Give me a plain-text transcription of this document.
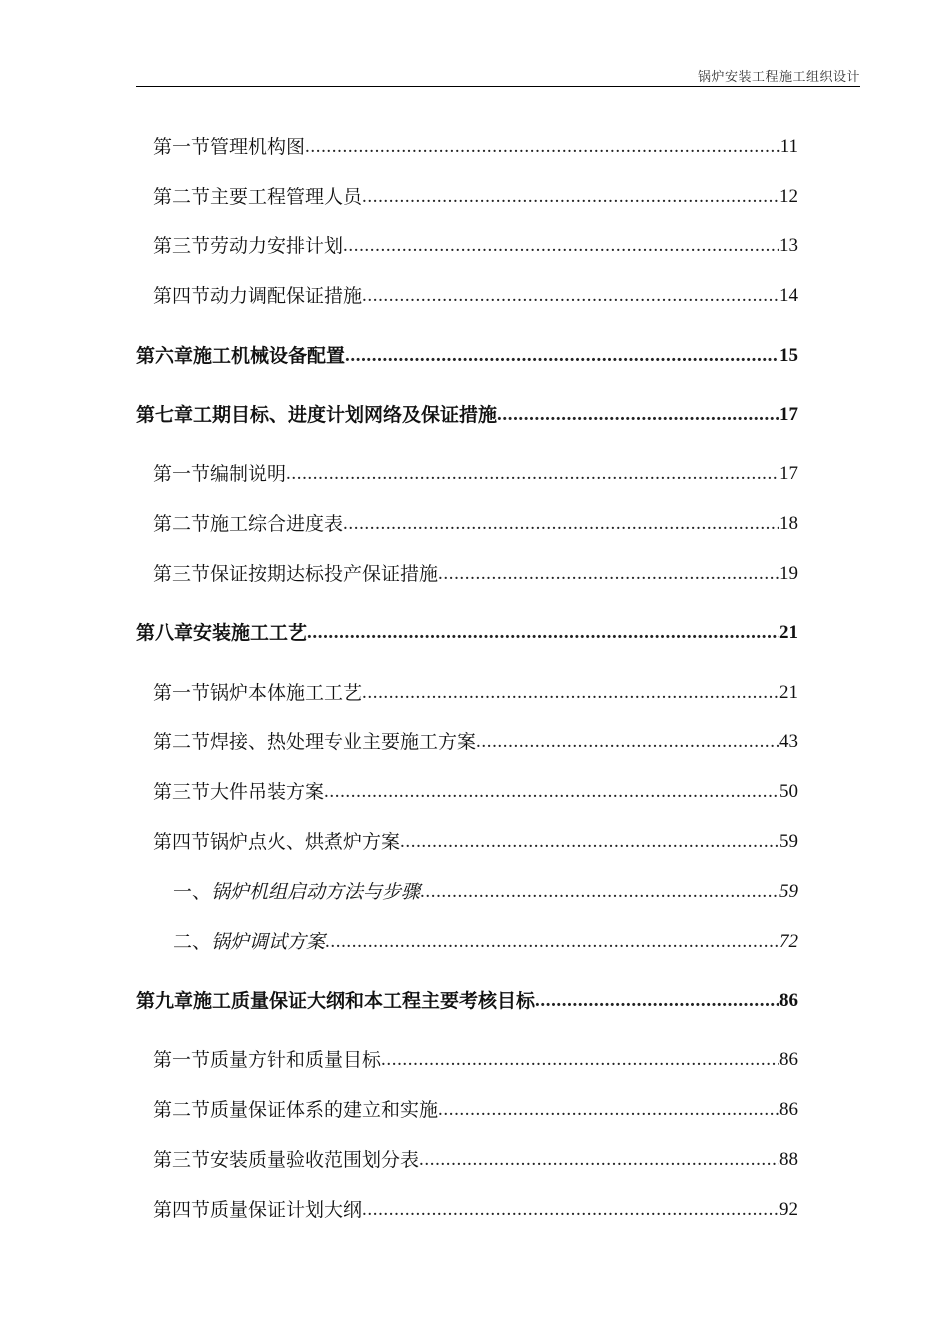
锅炉安装工程施工组织设计
第一节 管理机构图 .....	11
第二节 主要工程管理人员 .....	12
第三节 劳动力安排计划 .....	13
第四节 动力调配保证措施 .....	14
第六章 施工机械设备配置 .....	15
第七章 工期目标、进度计划网络及保证措施 .....	17
第一节 编制说明 .....	17
第二节 施工综合进度表 .....	18
第三节 保证按期达标投产保证措施 .....	19
第八章 安装施工工艺 .....	21
第一节 锅炉本体施工工艺 .....	21
第二节 焊接、热处理专业主要施工方案 .....	43
第三节 大件吊装方案 .....	50
第四节 锅炉点火、烘煮炉方案 .....	59
一、 锅炉机组启动方法与步骤 .....	59
二、 锅炉调试方案 .....	72
第九章 施工质量保证大纲和本工程主要考核目标 .....	86
第一节 质量方针和质量目标 .....	86
第二节 质量保证体系的建立和实施 .....	86
第三节 安装质量验收范围划分表 .....	88
第四节 质量保证计划大纲 .....	92
